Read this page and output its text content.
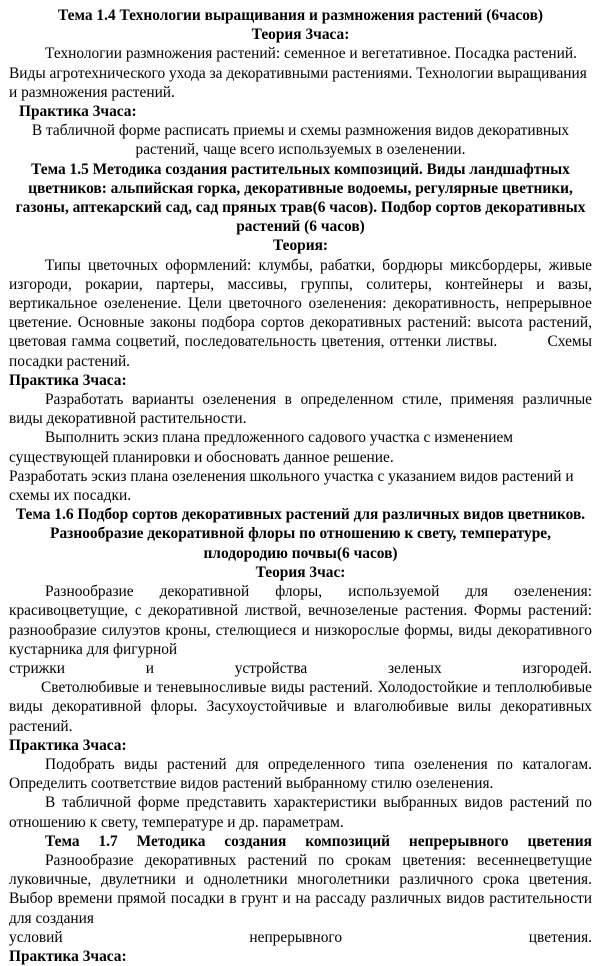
Тема 1.4 Технологии выращивания и размножения растений (6часов)

Теория 3часа:

Технологии размножения растений: семенное и вегетативное. Посадка растений. Виды агротехнического ухода за декоративными растениями. Технологии выращивания и размножения растений.

Практика 3часа:

В табличной форме расписать приемы и схемы размножения видов декоративных растений, чаще всего используемых в озеленении.

Тема 1.5 Методика создания растительных композиций. Виды ландшафтных цветников: альпийская горка, декоративные водоемы, регулярные цветники, газоны, аптекарский сад, сад пряных трав(6 часов). Подбор сортов декоративных растений (6 часов)

Теория:

Типы цветочных оформлений: клумбы, рабатки, бордюры миксбордеры, живые изгороди, рокарии, партеры, массивы, группы, солитеры, контейнеры и вазы, вертикальное озеленение. Цели цветочного озеленения: декоративность, непрерывное цветение. Основные законы подбора сортов декоративных растений: высота растений, цветовая гамма соцветий, последовательность цветения, оттенки листвы.	Схемы посадки растений.

Практика 3часа:

Разработать варианты озеленения в определенном стиле, применяя различные виды декоративной растительности.

Выполнить эскиз плана предложенного садового участка с изменением существующей планировки и обосновать данное решение.

Разработать эскиз плана озеленения школьного участка с указанием видов растений и схемы их посадки.

Тема 1.6 Подбор сортов декоративных растений для различных видов цветников. Разнообразие декоративной флоры по отношению к свету, температуре, плодородию почвы(6 часов)

Теория 3час:

Разнообразие декоративной флоры, используемой для озеленения: красивоцветущие, с декоративной листвой, вечнозеленые растения. Формы растений: разнообразие силуэтов кроны, стелющиеся и низкорослые формы, виды декоративного кустарника для фигурной

стрижки и устройства зеленых изгородей.

Светолюбивые и теневыносливые виды растений. Холодостойкие и теплолюбивые виды декоративной флоры. Засухоустойчивые и влаголюбивые вилы декоративных растений.

Практика 3часа:

Подобрать виды растений для определенного типа озеленения по каталогам. Определить соответствие видов растений выбранному стилю озеленения.

В табличной форме представить характеристики выбранных видов растений по отношению к свету, температуре и др. параметрам.

Тема 1.7 Методика создания композиций непрерывного цветения

Разнообразие декоративных растений по срокам цветения: весеннецветущие луковичные, двулетники и однолетники многолетники различного срока цветения. Выбор времени прямой посадки в грунт и на рассаду различных видов растительности для создания

условий непрерывного цветения.

Практика 3часа:
